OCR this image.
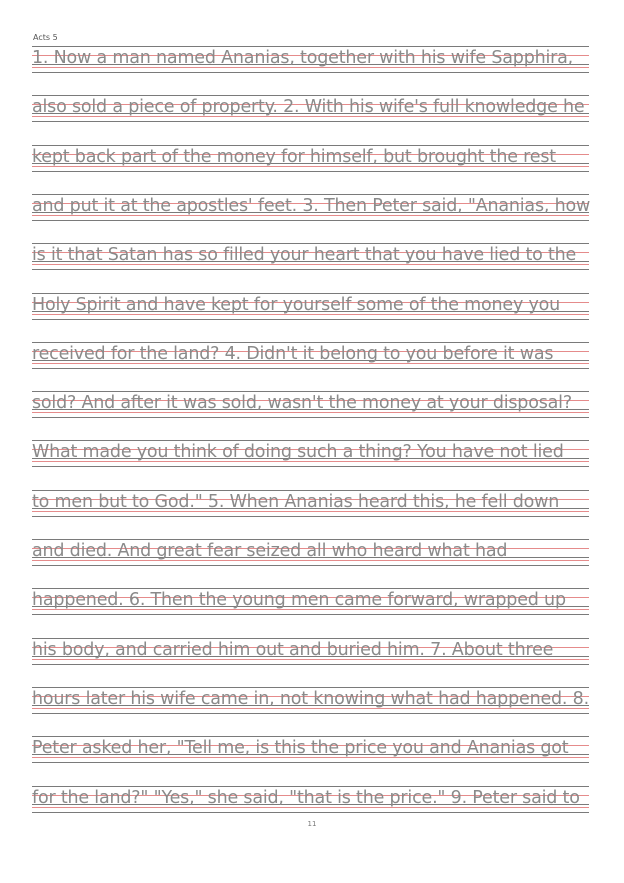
Acts 5
1. Now a man named Ananias, together with his wife Sapphira,
also sold a piece of property. 2. With his wife's full knowledge he
kept back part of the money for himself, but brought the rest
and put it at the apostles' feet. 3. Then Peter said, "Ananias, how
is it that Satan has so filled your heart that you have lied to the
Holy Spirit and have kept for yourself some of the money you
received for the land? 4. Didn't it belong to you before it was
sold? And after it was sold, wasn't the money at your disposal?
What made you think of doing such a thing? You have not lied
to men but to God." 5. When Ananias heard this, he fell down
and died. And great fear seized all who heard what had
happened. 6. Then the young men came forward, wrapped up
his body, and carried him out and buried him. 7. About three
hours later his wife came in, not knowing what had happened. 8.
Peter asked her, "Tell me, is this the price you and Ananias got
for the land?" "Yes," she said, "that is the price." 9. Peter said to
11
